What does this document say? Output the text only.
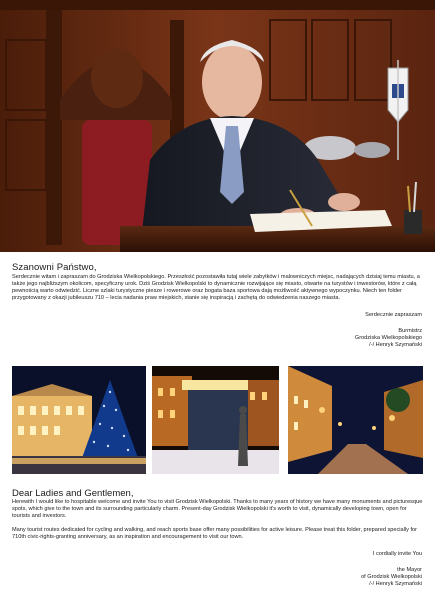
Szanowni Państwo,
Serdecznie witam i zapraszam do Grodziska Wielkopolskiego. Przeszłość pozostawiła tutaj wiele zabytków i malowniczych miejsc, nadających dzisiaj temu miastu, a także jego najbliższym okolicom, specyficzny urok. Dziś Grodzisk Wielkopolski to dynamicznie rozwijające się miasto, otwarte na turystów i inwestorów, które z całą pewnością warto odwiedzić. Liczne szlaki turystyczne piesze i rowerowe oraz bogata baza sportowa dają możliwość aktywnego wypoczynku. Niech ten folder przygotowany z okazji jubileuszu 710 – lecia nadania praw miejskich, stanie się inspiracją i zachętą do odwiedzenia naszego miasta.
Serdecznie zapraszam
Burmistrz
Grodziska Wielkopolskiego
/-/ Henryk Szymański
Dear Ladies and Gentlemen,

Herewith I would like to hospitable welcome and invite You to visit Grodzisk Wielkopolski. Thanks to many years of history we have many monuments and picturesque spots, which give to the town and its surrounding particularly charm. Present-day Grodzisk Wielkopolski it's worth to visit, dynamically developing town, open for tourists and investors.

Many tourist routes dedicated for cycling and walking, and reach sports base offer many possibilities for active leisure. Please treat this folder, prepared specially for 710th civic-rights-granting anniversary, as an inspiration and encouragement to visit our town.

I cordially invite You
the Mayor
of Grodzisk Wielkopolski
/-/ Henryk Szymański
